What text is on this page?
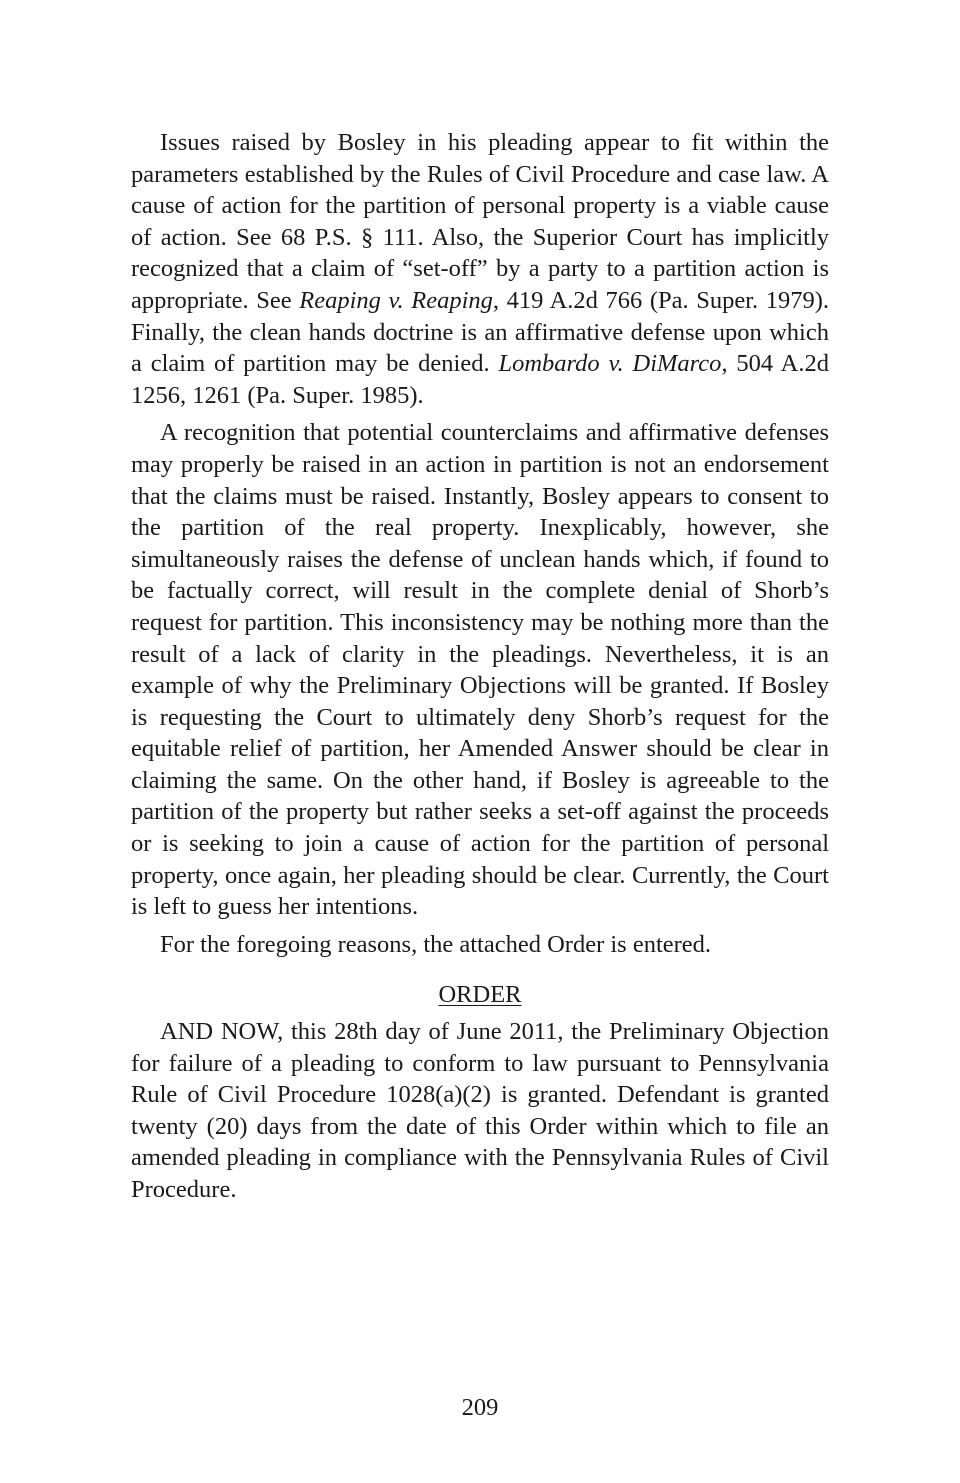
Issues raised by Bosley in his pleading appear to fit within the parameters established by the Rules of Civil Procedure and case law. A cause of action for the partition of personal property is a viable cause of action. See 68 P.S. § 111. Also, the Superior Court has implicitly recognized that a claim of “set-off” by a party to a partition action is appropriate. See Reaping v. Reaping, 419 A.2d 766 (Pa. Super. 1979). Finally, the clean hands doctrine is an affirmative defense upon which a claim of partition may be denied. Lombardo v. DiMarco, 504 A.2d 1256, 1261 (Pa. Super. 1985).

A recognition that potential counterclaims and affirmative defenses may properly be raised in an action in partition is not an endorsement that the claims must be raised. Instantly, Bosley appears to consent to the partition of the real property. Inexplicably, however, she simultaneously raises the defense of unclean hands which, if found to be factually correct, will result in the complete denial of Shorb’s request for partition. This inconsistency may be nothing more than the result of a lack of clarity in the pleadings. Nevertheless, it is an example of why the Preliminary Objections will be granted. If Bosley is requesting the Court to ultimately deny Shorb’s request for the equitable relief of partition, her Amended Answer should be clear in claiming the same. On the other hand, if Bosley is agreeable to the partition of the property but rather seeks a set-off against the proceeds or is seeking to join a cause of action for the partition of personal property, once again, her pleading should be clear. Currently, the Court is left to guess her intentions.

For the foregoing reasons, the attached Order is entered.

ORDER

AND NOW, this 28th day of June 2011, the Preliminary Objection for failure of a pleading to conform to law pursuant to Pennsylvania Rule of Civil Procedure 1028(a)(2) is granted. Defendant is granted twenty (20) days from the date of this Order within which to file an amended pleading in compliance with the Pennsylvania Rules of Civil Procedure.

209
